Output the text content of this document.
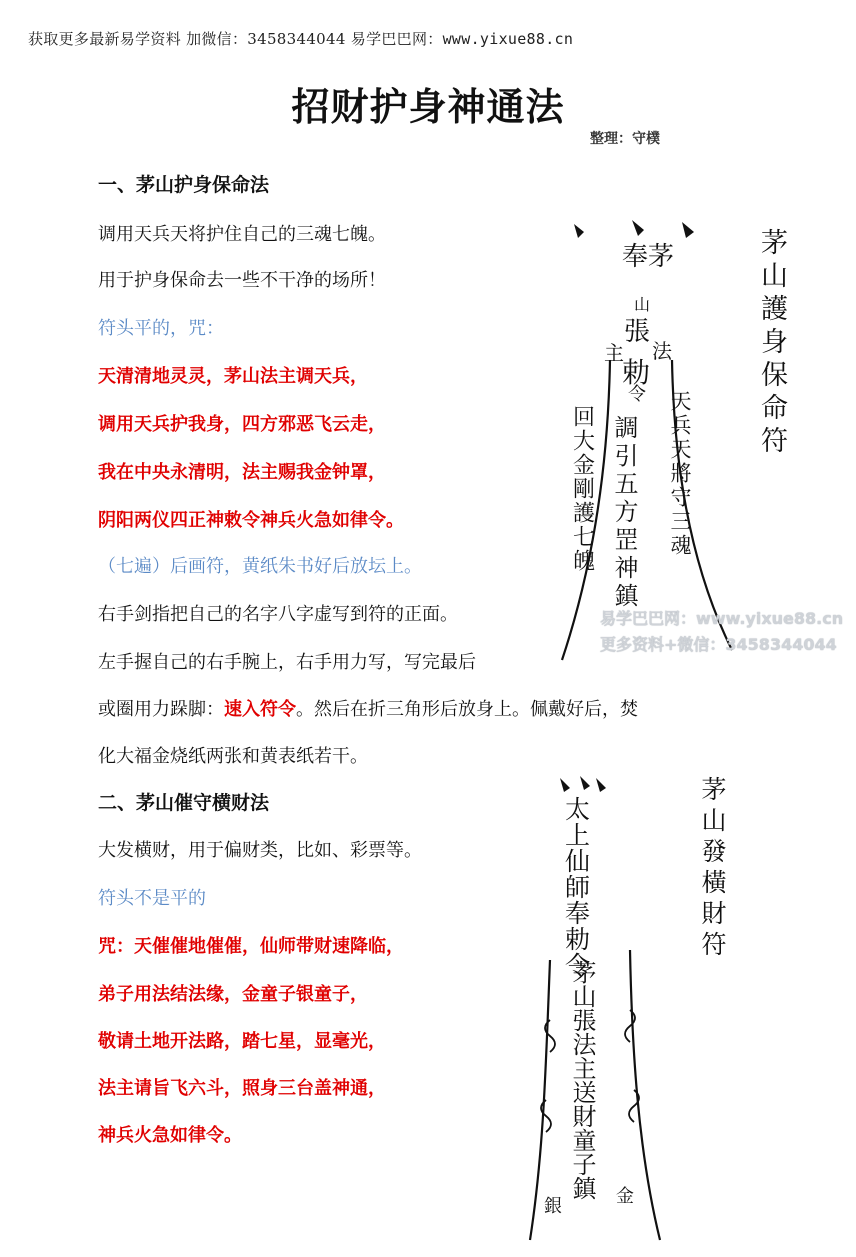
获取更多最新易学资料 加微信：3458344044 易学巴巴网：www.yixue88.cn
招财护身神通法
整理：守樸
一、茅山护身保命法
调用天兵天将护住自己的三魂七魄。
用于护身保命去一些不干净的场所！
符头平的，咒：
天清清地灵灵，茅山法主调天兵，
调用天兵护我身，四方邪恶飞云走，
我在中央永清明，法主赐我金钟罩，
阴阳两仪四正神敕令神兵火急如律令。
（七遍）后画符，黄纸朱书好后放坛上。
右手剑指把自己的名字八字虚写到符的正面。
左手握自己的右手腕上，右手用力写，写完最后
或圈用力跺脚：速入符令。然后在折三角形后放身上。佩戴好后，焚
化大福金烧纸两张和黄表纸若干。
二、茅山催守横财法
大发横财，用于偏财类，比如、彩票等。
符头不是平的
咒：天催催地催催，仙师带财速降临，
弟子用法结法缘，金童子银童子，
敬请土地开法路，踏七星，显毫光，
法主请旨飞六斗，照身三台盖神通，
神兵火急如律令。
茅山護身保命符
奉茅
山
張
法
主
勅
令
調引五方罡神鎮
回大金剛護七魄	天兵天將守三魂
易学巴巴网：www.yixue88.cn
更多资料+微信：3458344044
茅山發橫財符
太上仙師奉勅令
茅山張法主送財童子鎮
銀	金
